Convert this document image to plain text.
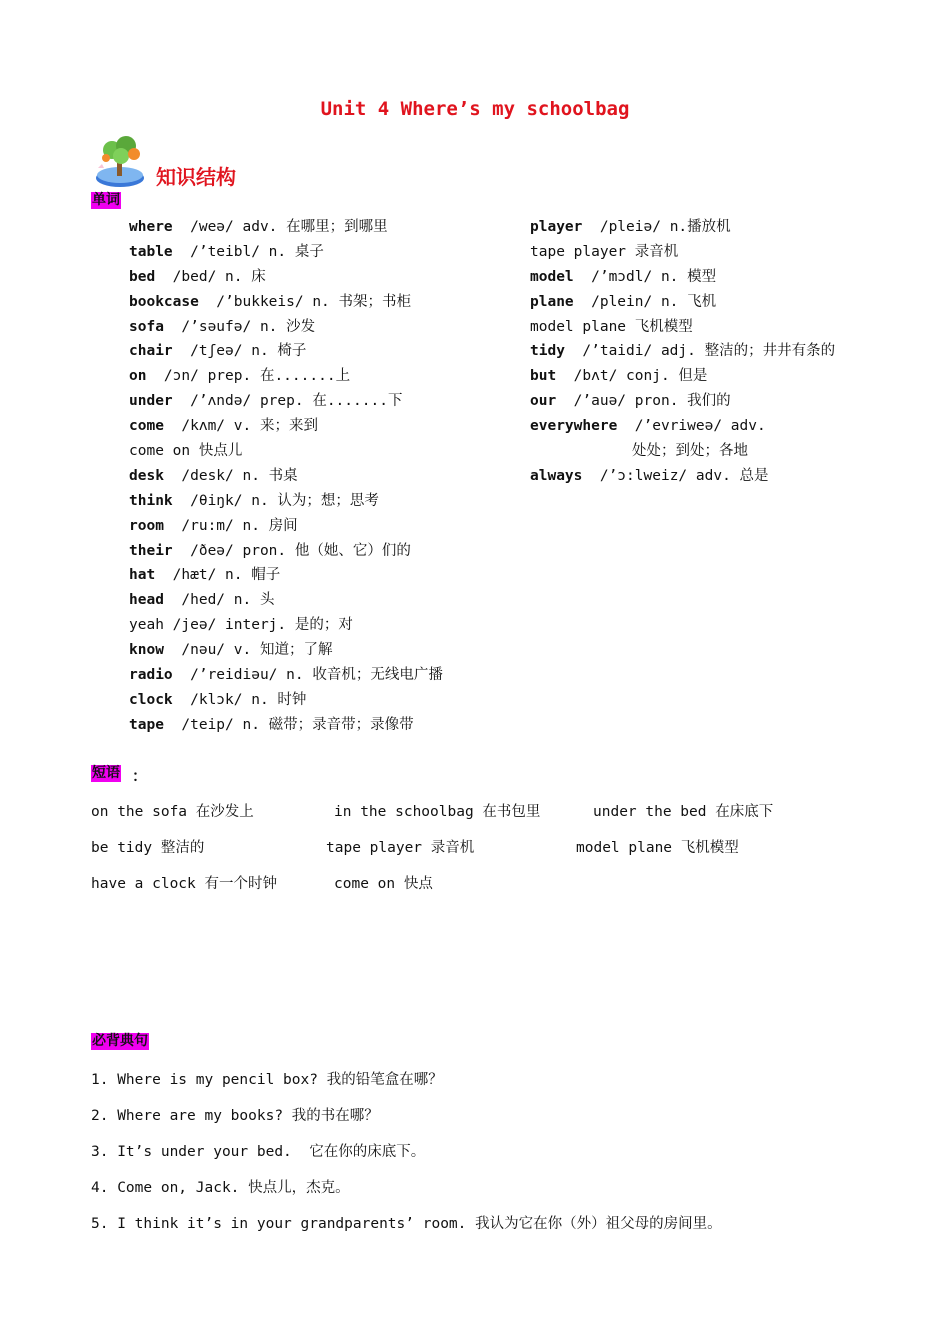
Unit 4 Where’s my schoolbag
知识结构
单词
where  /weə/ adv. 在哪里；到哪里
table  /’teibl/ n. 桌子
bed  /bed/ n. 床
bookcase  /’bukkeis/ n. 书架；书柜
sofa  /’səufə/ n. 沙发
chair  /tʃeə/ n. 椅子
on  /ɔn/ prep. 在.......上
under  /’ʌndə/ prep. 在.......下
come  /kʌm/ v. 来；来到
come on 快点儿
desk  /desk/ n. 书桌
think  /θiŋk/ n. 认为；想；思考
room  /ru:m/ n. 房间
their  /ðeə/ pron. 他（她、它）们的
hat  /hæt/ n. 帽子
head  /hed/ n. 头
yeah /jeə/ interj. 是的；对
know  /nəu/ v. 知道；了解
radio  /’reidiəu/ n. 收音机；无线电广播
clock  /klɔk/ n. 时钟
tape  /teip/ n. 磁带；录音带；录像带
player  /pleiə/ n.播放机
tape player 录音机
model  /’mɔdl/ n. 模型
plane  /plein/ n. 飞机
model plane 飞机模型
tidy  /’taidi/ adj. 整洁的；井井有条的
but  /bʌt/ conj. 但是
our  /’auə/ pron. 我们的
everywhere  /’evriweə/ adv.
处处；到处；各地
always  /’ɔ:lweiz/ adv. 总是
短语 ：
on the sofa 在沙发上	in the schoolbag 在书包里	under the bed 在床底下
be tidy 整洁的	tape player 录音机	model plane 飞机模型
have a clock 有一个时钟	come on 快点
必背典句
1. Where is my pencil box? 我的铅笔盒在哪？
2. Where are my books? 我的书在哪？
3. It’s under your bed.  它在你的床底下。
4. Come on, Jack. 快点儿，杰克。
5. I think it’s in your grandparents’ room. 我认为它在你（外）祖父母的房间里。
